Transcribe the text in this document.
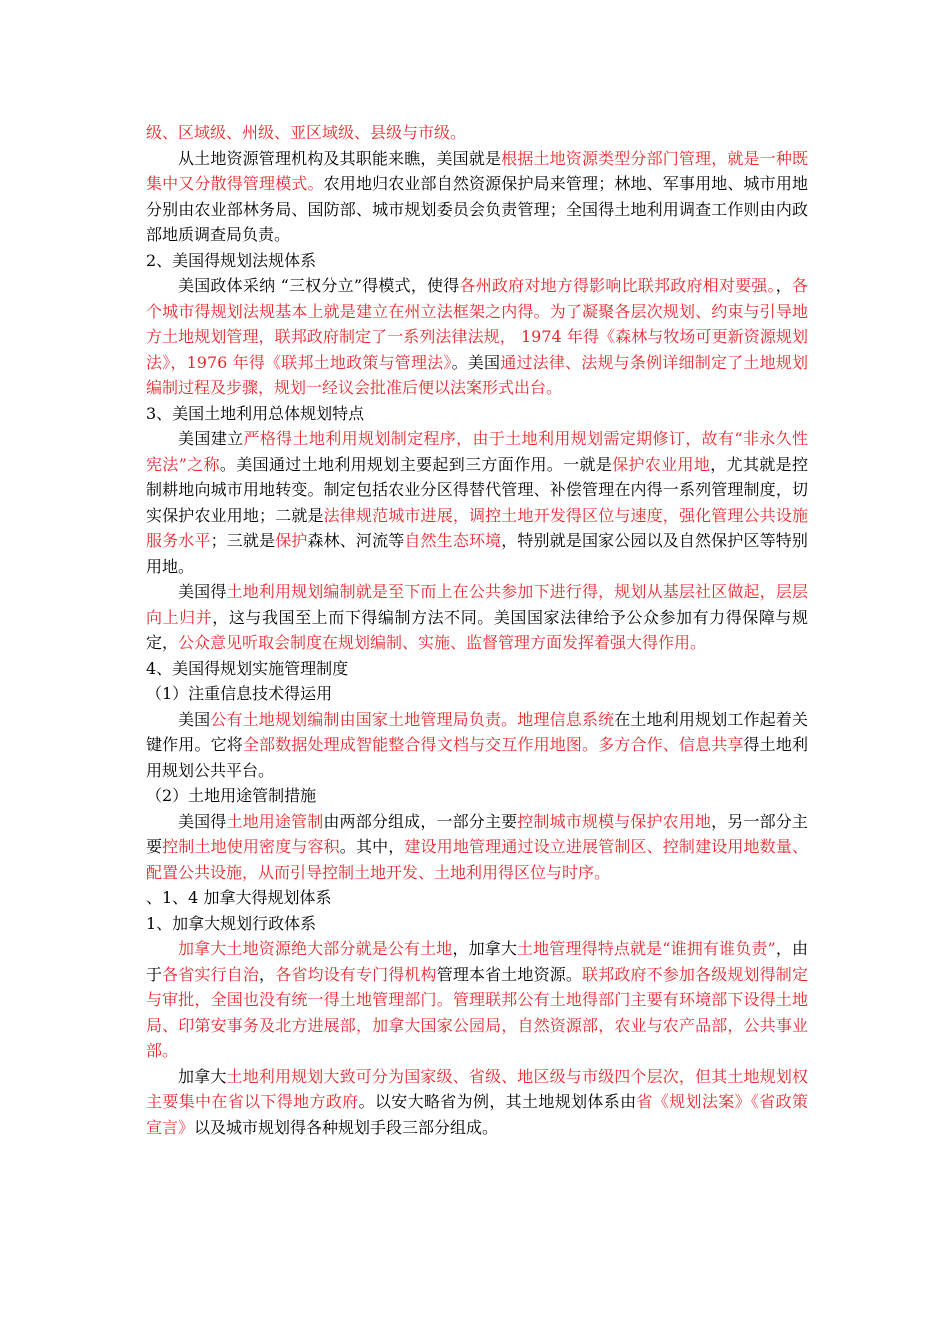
级、区域级、州级、亚区域级、县级与市级。

从土地资源管理机构及其职能来瞧，美国就是根据土地资源类型分部门管理，就是一种既集中又分散得管理模式。农用地归农业部自然资源保护局来管理；林地、军事用地、城市用地分别由农业部林务局、国防部、城市规划委员会负责管理；全国得土地利用调查工作则由内政部地质调查局负责。

2、美国得规划法规体系

美国政体采纳 “三权分立”得模式，使得各州政府对地方得影响比联邦政府相对要强。，各个城市得规划法规基本上就是建立在州立法框架之内得。为了凝聚各层次规划、约束与引导地方土地规划管理，联邦政府制定了一系列法律法规， 1974 年得《森林与牧场可更新资源规划法》，1976 年得《联邦土地政策与管理法》。美国通过法律、法规与条例详细制定了土地规划编制过程及步骤，规划一经议会批准后便以法案形式出台。

3、美国土地利用总体规划特点

美国建立严格得土地利用规划制定程序，由于土地利用规划需定期修订，故有“非永久性宪法”之称。美国通过土地利用规划主要起到三方面作用。一就是保护农业用地，尤其就是控制耕地向城市用地转变。制定包括农业分区得替代管理、补偿管理在内得一系列管理制度，切实保护农业用地；二就是法律规范城市进展，调控土地开发得区位与速度，强化管理公共设施服务水平；三就是保护森林、河流等自然生态环境，特别就是国家公园以及自然保护区等特别用地。

美国得土地利用规划编制就是至下而上在公共参加下进行得，规划从基层社区做起，层层向上归并，这与我国至上而下得编制方法不同。美国国家法律给予公众参加有力得保障与规定，公众意见听取会制度在规划编制、实施、监督管理方面发挥着强大得作用。

4、美国得规划实施管理制度

（1）注重信息技术得运用

美国公有土地规划编制由国家土地管理局负责。地理信息系统在土地利用规划工作起着关键作用。它将全部数据处理成智能整合得文档与交互作用地图。多方合作、信息共享得土地利用规划公共平台。

（2）土地用途管制措施

美国得土地用途管制由两部分组成，一部分主要控制城市规模与保护农用地，另一部分主要控制土地使用密度与容积。其中，建设用地管理通过设立进展管制区、控制建设用地数量、配置公共设施，从而引导控制土地开发、土地利用得区位与时序。

、1、4 加拿大得规划体系

1、加拿大规划行政体系

加拿大土地资源绝大部分就是公有土地，加拿大土地管理得特点就是“谁拥有谁负责”，由于各省实行自治，各省均设有专门得机构管理本省土地资源。联邦政府不参加各级规划得制定与审批，全国也没有统一得土地管理部门。管理联邦公有土地得部门主要有环境部下设得土地局、印第安事务及北方进展部，加拿大国家公园局，自然资源部，农业与农产品部，公共事业部。

加拿大土地利用规划大致可分为国家级、省级、地区级与市级四个层次，但其土地规划权主要集中在省以下得地方政府。以安大略省为例，其土地规划体系由省《规划法案》《省政策宣言》以及城市规划得各种规划手段三部分组成。
